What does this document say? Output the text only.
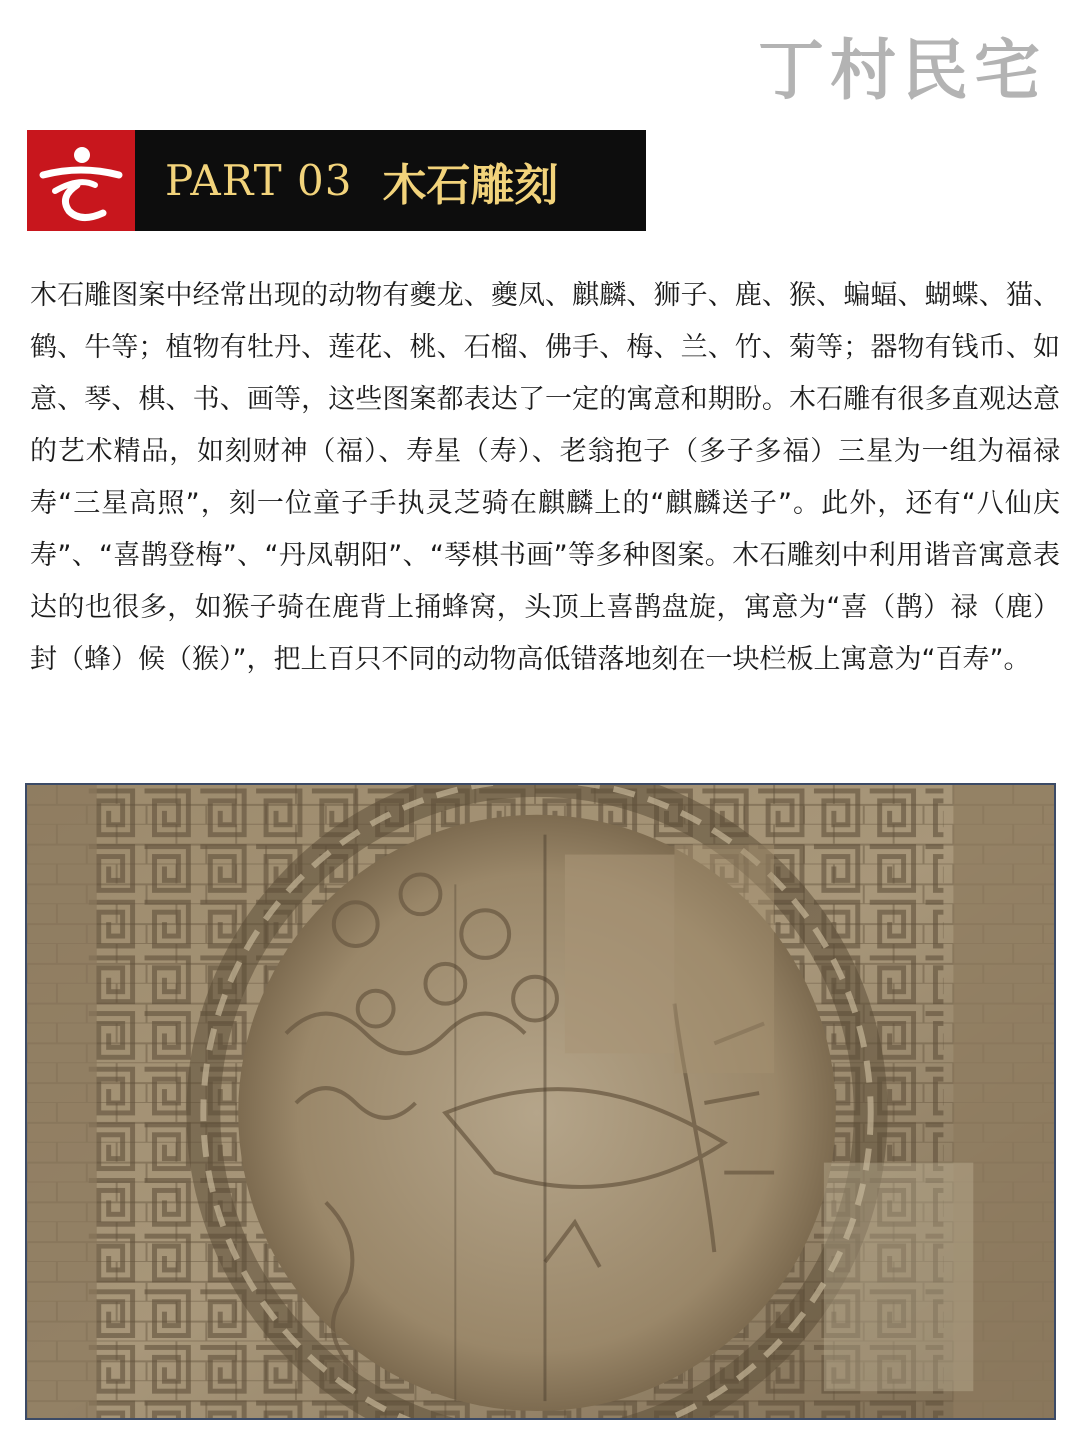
丁村民宅
PART 03 木石雕刻

木石雕图案中经常出现的动物有夔龙、夔凤、麒麟、狮子、鹿、猴、蝙蝠、蝴蝶、猫、鹤、牛等；植物有牡丹、莲花、桃、石榴、佛手、梅、兰、竹、菊等；器物有钱币、如意、琴、棋、书、画等，这些图案都表达了一定的寓意和期盼。木石雕有很多直观达意的艺术精品，如刻财神（福）、寿星（寿）、老翁抱子（多子多福）三星为一组为福禄寿“三星高照”，刻一位童子手执灵芝骑在麒麟上的“麒麟送子”。此外，还有“八仙庆寿”、“喜鹊登梅”、“丹凤朝阳”、“琴棋书画”等多种图案。木石雕刻中利用谐音寓意表达的也很多，如猴子骑在鹿背上捅蜂窝，头顶上喜鹊盘旋，寓意为“喜（鹊）禄（鹿）封（蜂）候（猴）”，把上百只不同的动物高低错落地刻在一块栏板上寓意为“百寿”。
